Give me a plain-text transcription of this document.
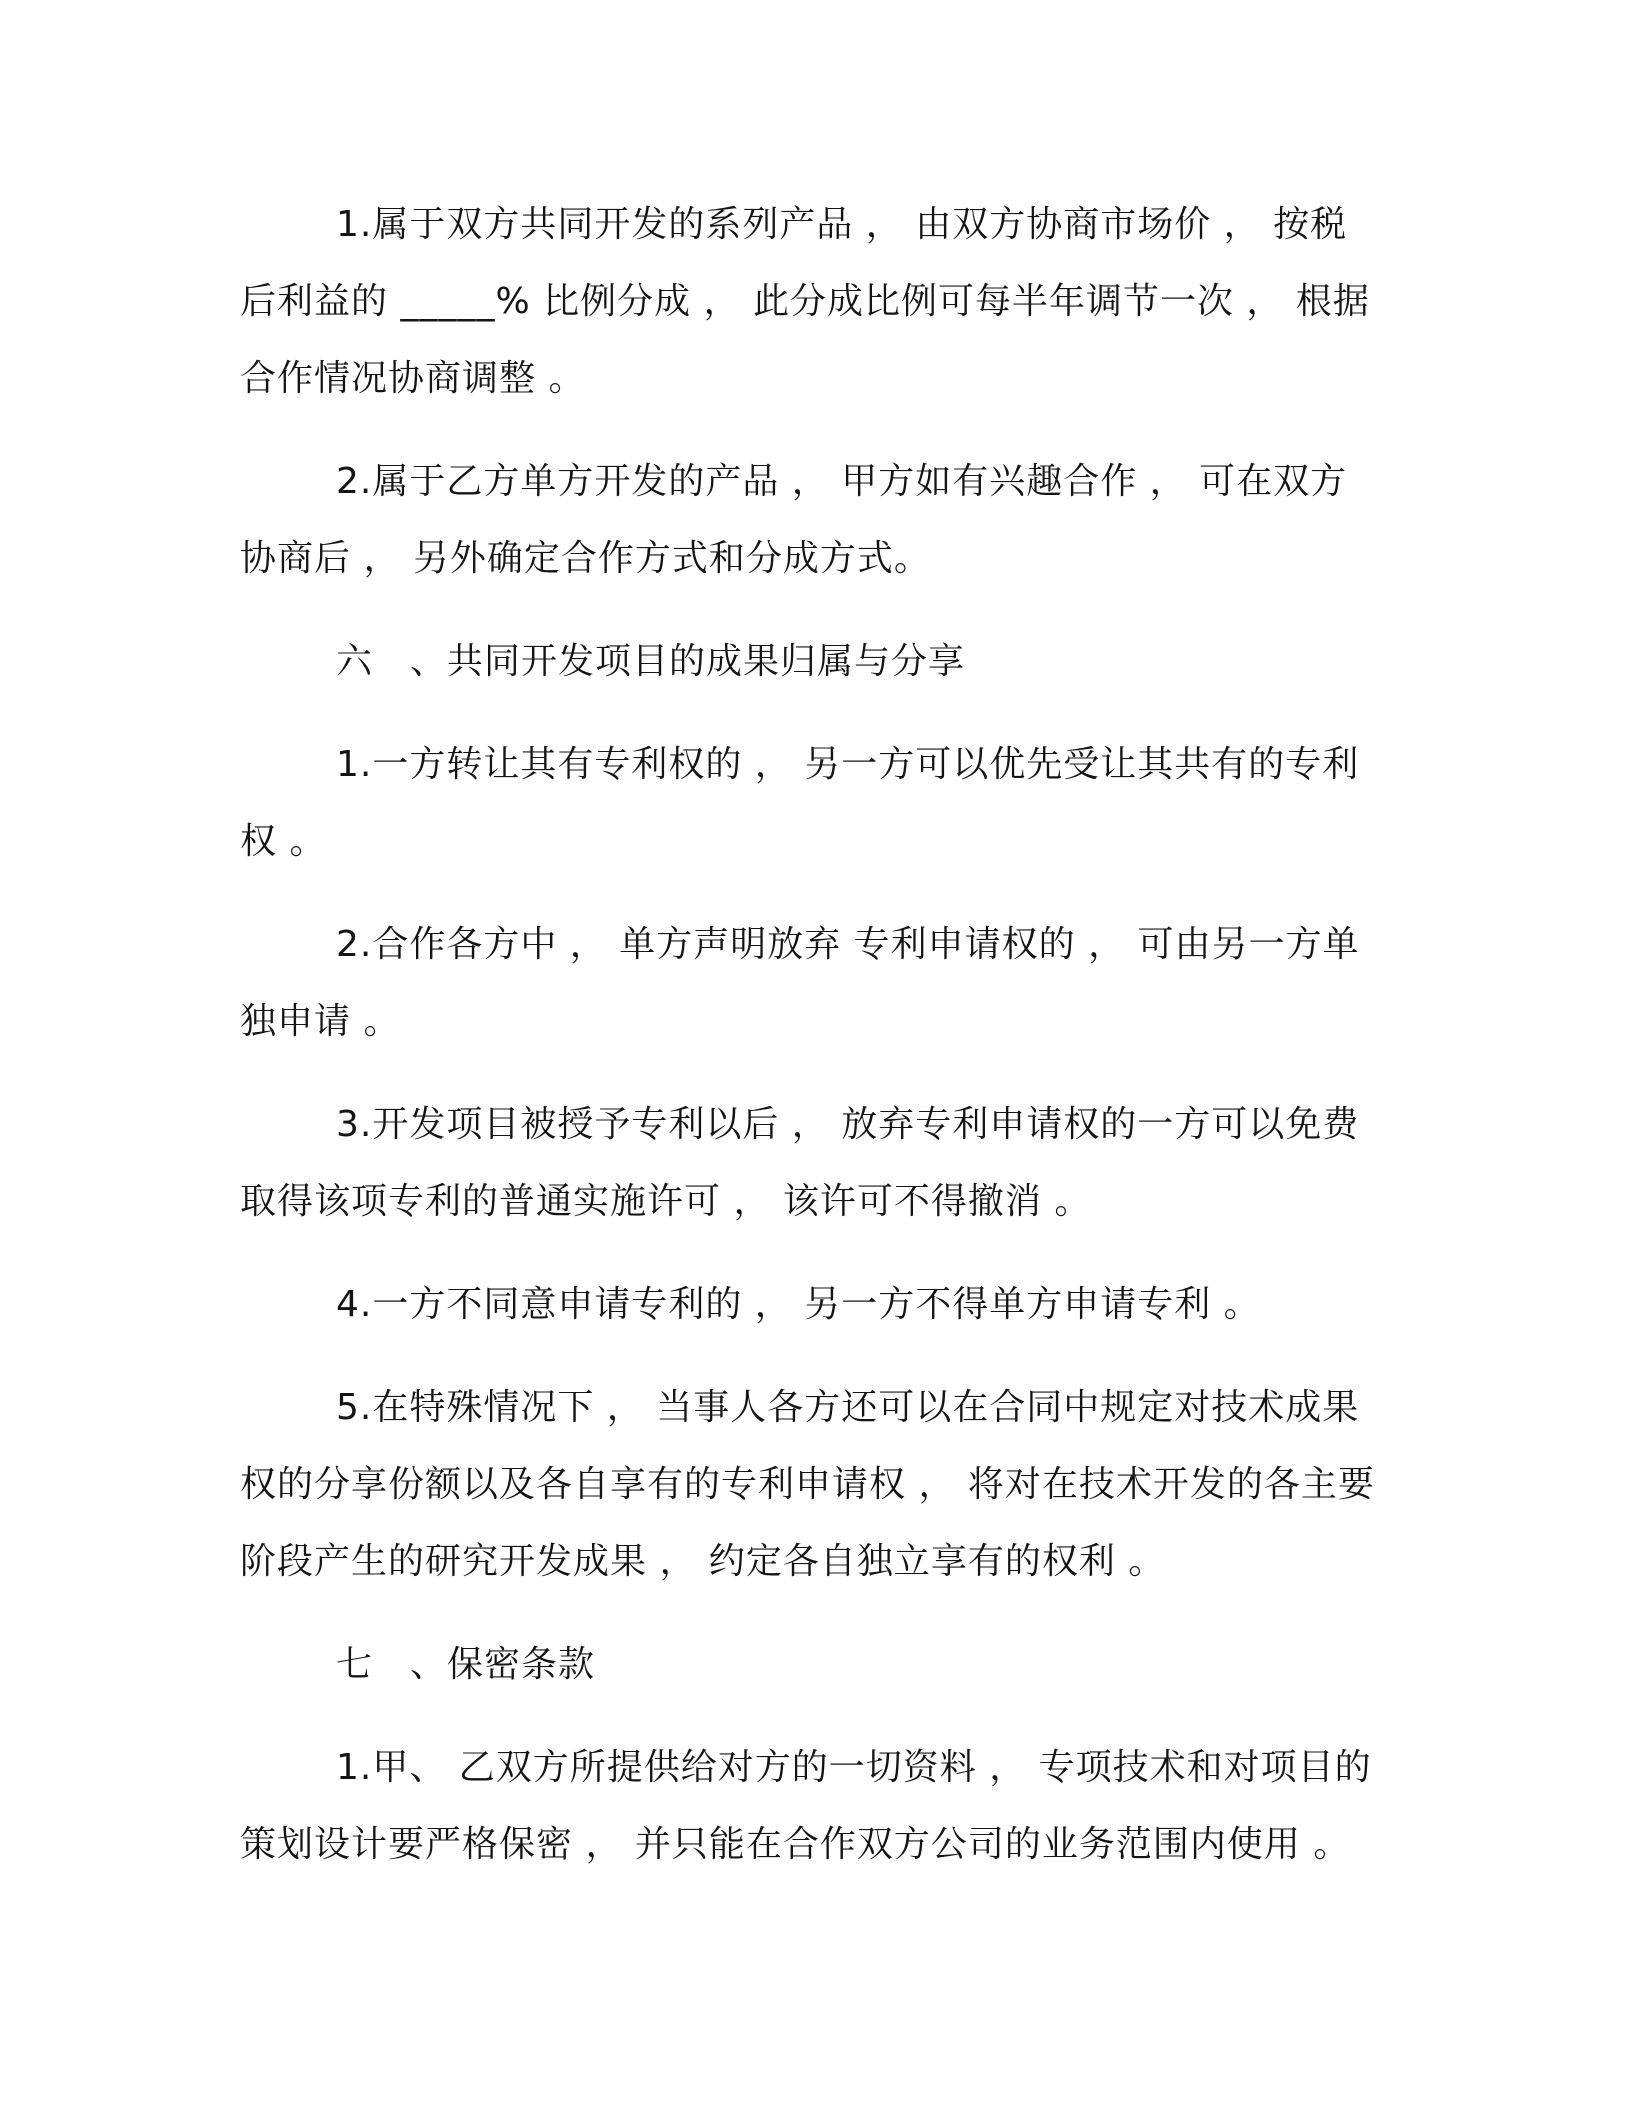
1.属于双方共同开发的系列产品 ， 由双方协商市场价 ， 按税后利益的 _____% 比例分成 ， 此分成比例可每半年调节一次 ， 根据合作情况协商调整 。

2.属于乙方单方开发的产品 ， 甲方如有兴趣合作 ， 可在双方协商后 ， 另外确定合作方式和分成方式。

六　、共同开发项目的成果归属与分享

1.一方转让其有专利权的 ， 另一方可以优先受让其共有的专利权 。

2.合作各方中 ， 单方声明放弃 专利申请权的 ， 可由另一方单独申请 。

3.开发项目被授予专利以后 ， 放弃专利申请权的一方可以免费取得该项专利的普通实施许可 ， 该许可不得撤消 。

4.一方不同意申请专利的 ， 另一方不得单方申请专利 。

5.在特殊情况下 ， 当事人各方还可以在合同中规定对技术成果权的分享份额以及各自享有的专利申请权 ， 将对在技术开发的各主要阶段产生的研究开发成果 ， 约定各自独立享有的权利 。

七　、保密条款

1.甲、 乙双方所提供给对方的一切资料 ， 专项技术和对项目的策划设计要严格保密 ， 并只能在合作双方公司的业务范围内使用 。
